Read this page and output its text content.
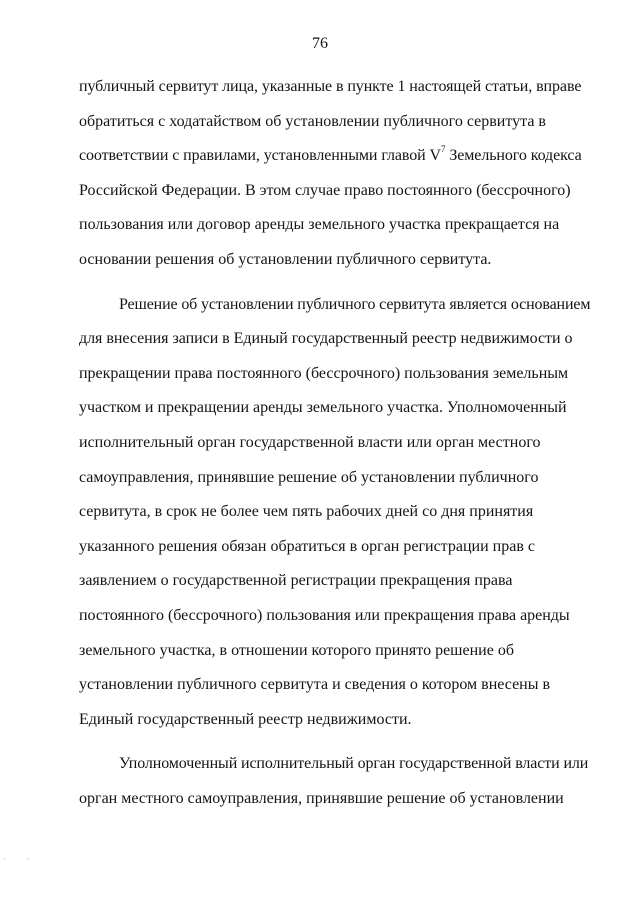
76
публичный сервитут лица, указанные в пункте 1 настоящей статьи, вправе
обратиться с ходатайством об установлении публичного сервитута в
соответствии с правилами, установленными главой $V^7$ Земельного кодекса
Российской Федерации. В этом случае право постоянного (бессрочного)
пользования или договор аренды земельного участка прекращается на
основании решения об установлении публичного сервитута.
Решение об установлении публичного сервитута является основанием
для внесения записи в Единый государственный реестр недвижимости о
прекращении права постоянного (бессрочного) пользования земельным
участком и прекращении аренды земельного участка. Уполномоченный
исполнительный орган государственной власти или орган местного
самоуправления, принявшие решение об установлении публичного
сервитута, в срок не более чем пять рабочих дней со дня принятия
указанного решения обязан обратиться в орган регистрации прав с
заявлением о государственной регистрации прекращения права
постоянного (бессрочного) пользования или прекращения права аренды
земельного участка, в отношении которого принято решение об
установлении публичного сервитута и сведения о котором внесены в
Единый государственный реестр недвижимости.
Уполномоченный исполнительный орган государственной власти или
орган местного самоуправления, принявшие решение об установлении
· ·
